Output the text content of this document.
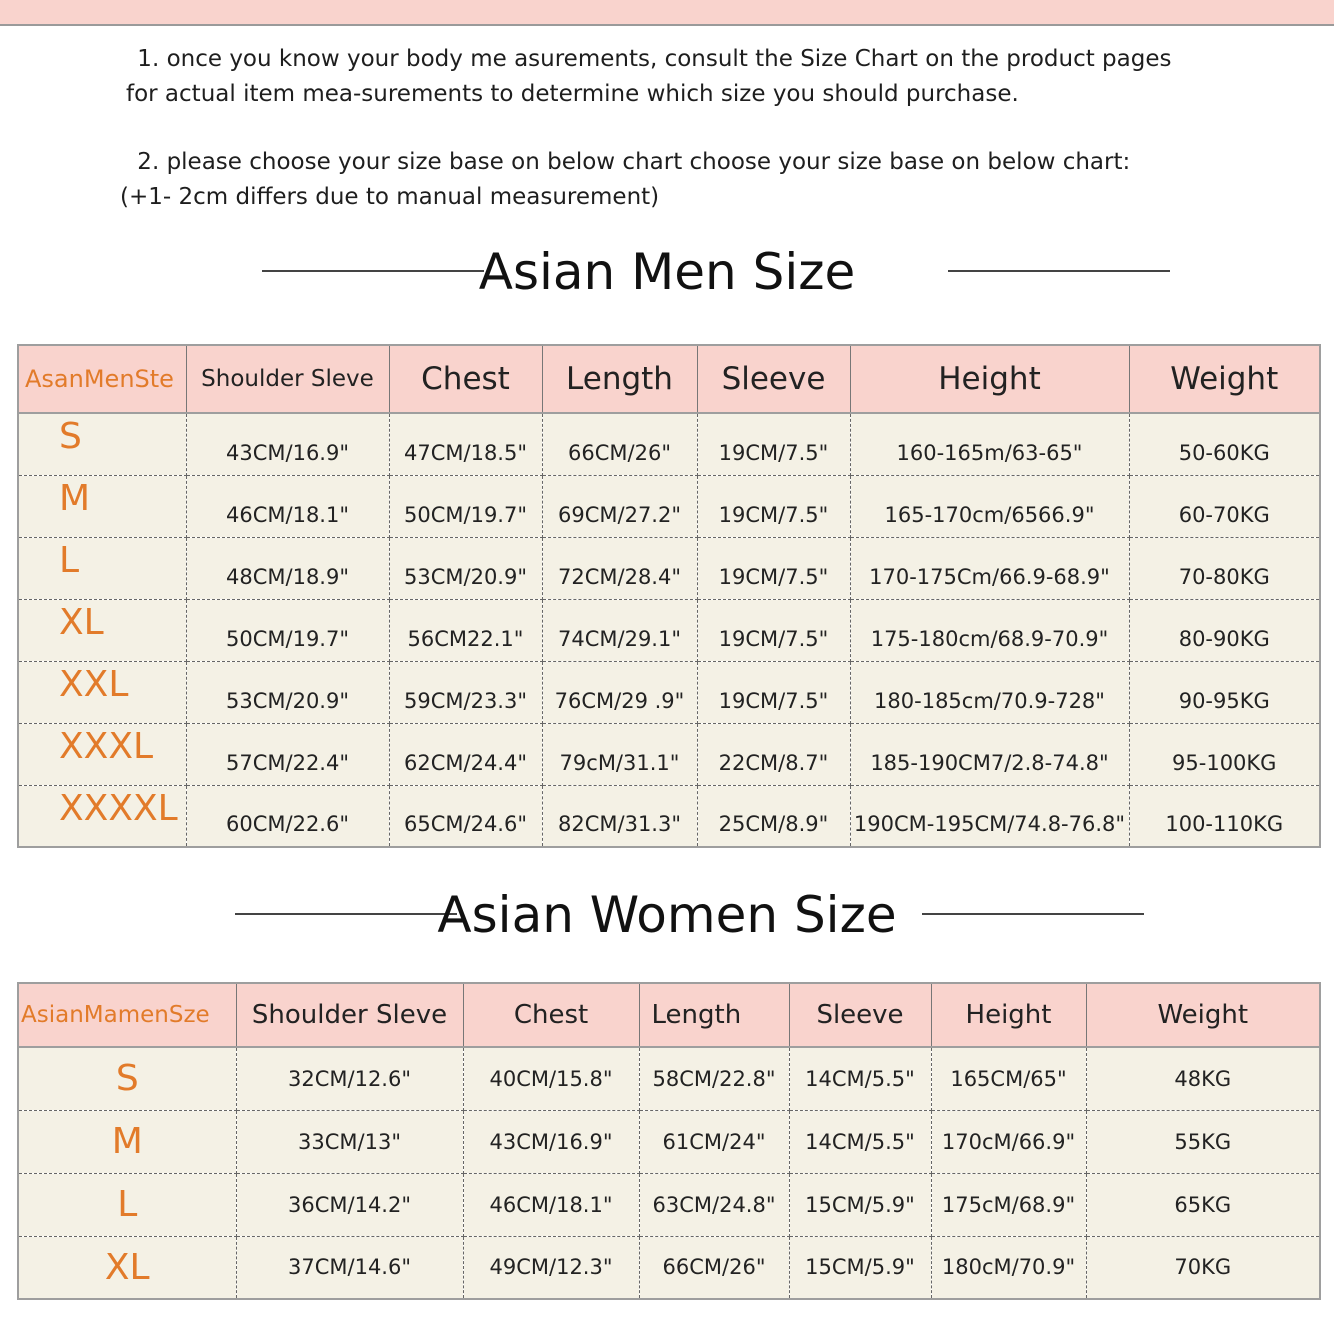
1. once you know your body me asurements, consult the Size Chart on the product pages
for actual item mea-surements to determine which size you should purchase.
2. please choose your size base on below chart choose your size base on below chart:
(+1- 2cm differs due to manual measurement)
Asian Men Size
AsanMenSte	Shoulder Sleve	Chest	Length	Sleeve	Height	Weight
S	43CM/16.9"	47CM/18.5"	66CM/26"	19CM/7.5"	160-165m/63-65"	50-60KG
M	46CM/18.1"	50CM/19.7"	69CM/27.2"	19CM/7.5"	165-170cm/6566.9"	60-70KG
L	48CM/18.9"	53CM/20.9"	72CM/28.4"	19CM/7.5"	170-175Cm/66.9-68.9"	70-80KG
XL	50CM/19.7"	56CM22.1"	74CM/29.1"	19CM/7.5"	175-180cm/68.9-70.9"	80-90KG
XXL	53CM/20.9"	59CM/23.3"	76CM/29 .9"	19CM/7.5"	180-185cm/70.9-728"	90-95KG
XXXL	57CM/22.4"	62CM/24.4"	79cM/31.1"	22CM/8.7"	185-190CM7/2.8-74.8"	95-100KG
XXXXL	60CM/22.6"	65CM/24.6"	82CM/31.3"	25CM/8.9"	190CM-195CM/74.8-76.8"	100-110KG
Asian Women Size
AsianMamenSze	Shoulder Sleve	Chest	Length	Sleeve	Height	Weight
S	32CM/12.6"	40CM/15.8"	58CM/22.8"	14CM/5.5"	165CM/65"	48KG
M	33CM/13"	43CM/16.9"	61CM/24"	14CM/5.5"	170cM/66.9"	55KG
L	36CM/14.2"	46CM/18.1"	63CM/24.8"	15CM/5.9"	175cM/68.9"	65KG
XL	37CM/14.6"	49CM/12.3"	66CM/26"	15CM/5.9"	180cM/70.9"	70KG
